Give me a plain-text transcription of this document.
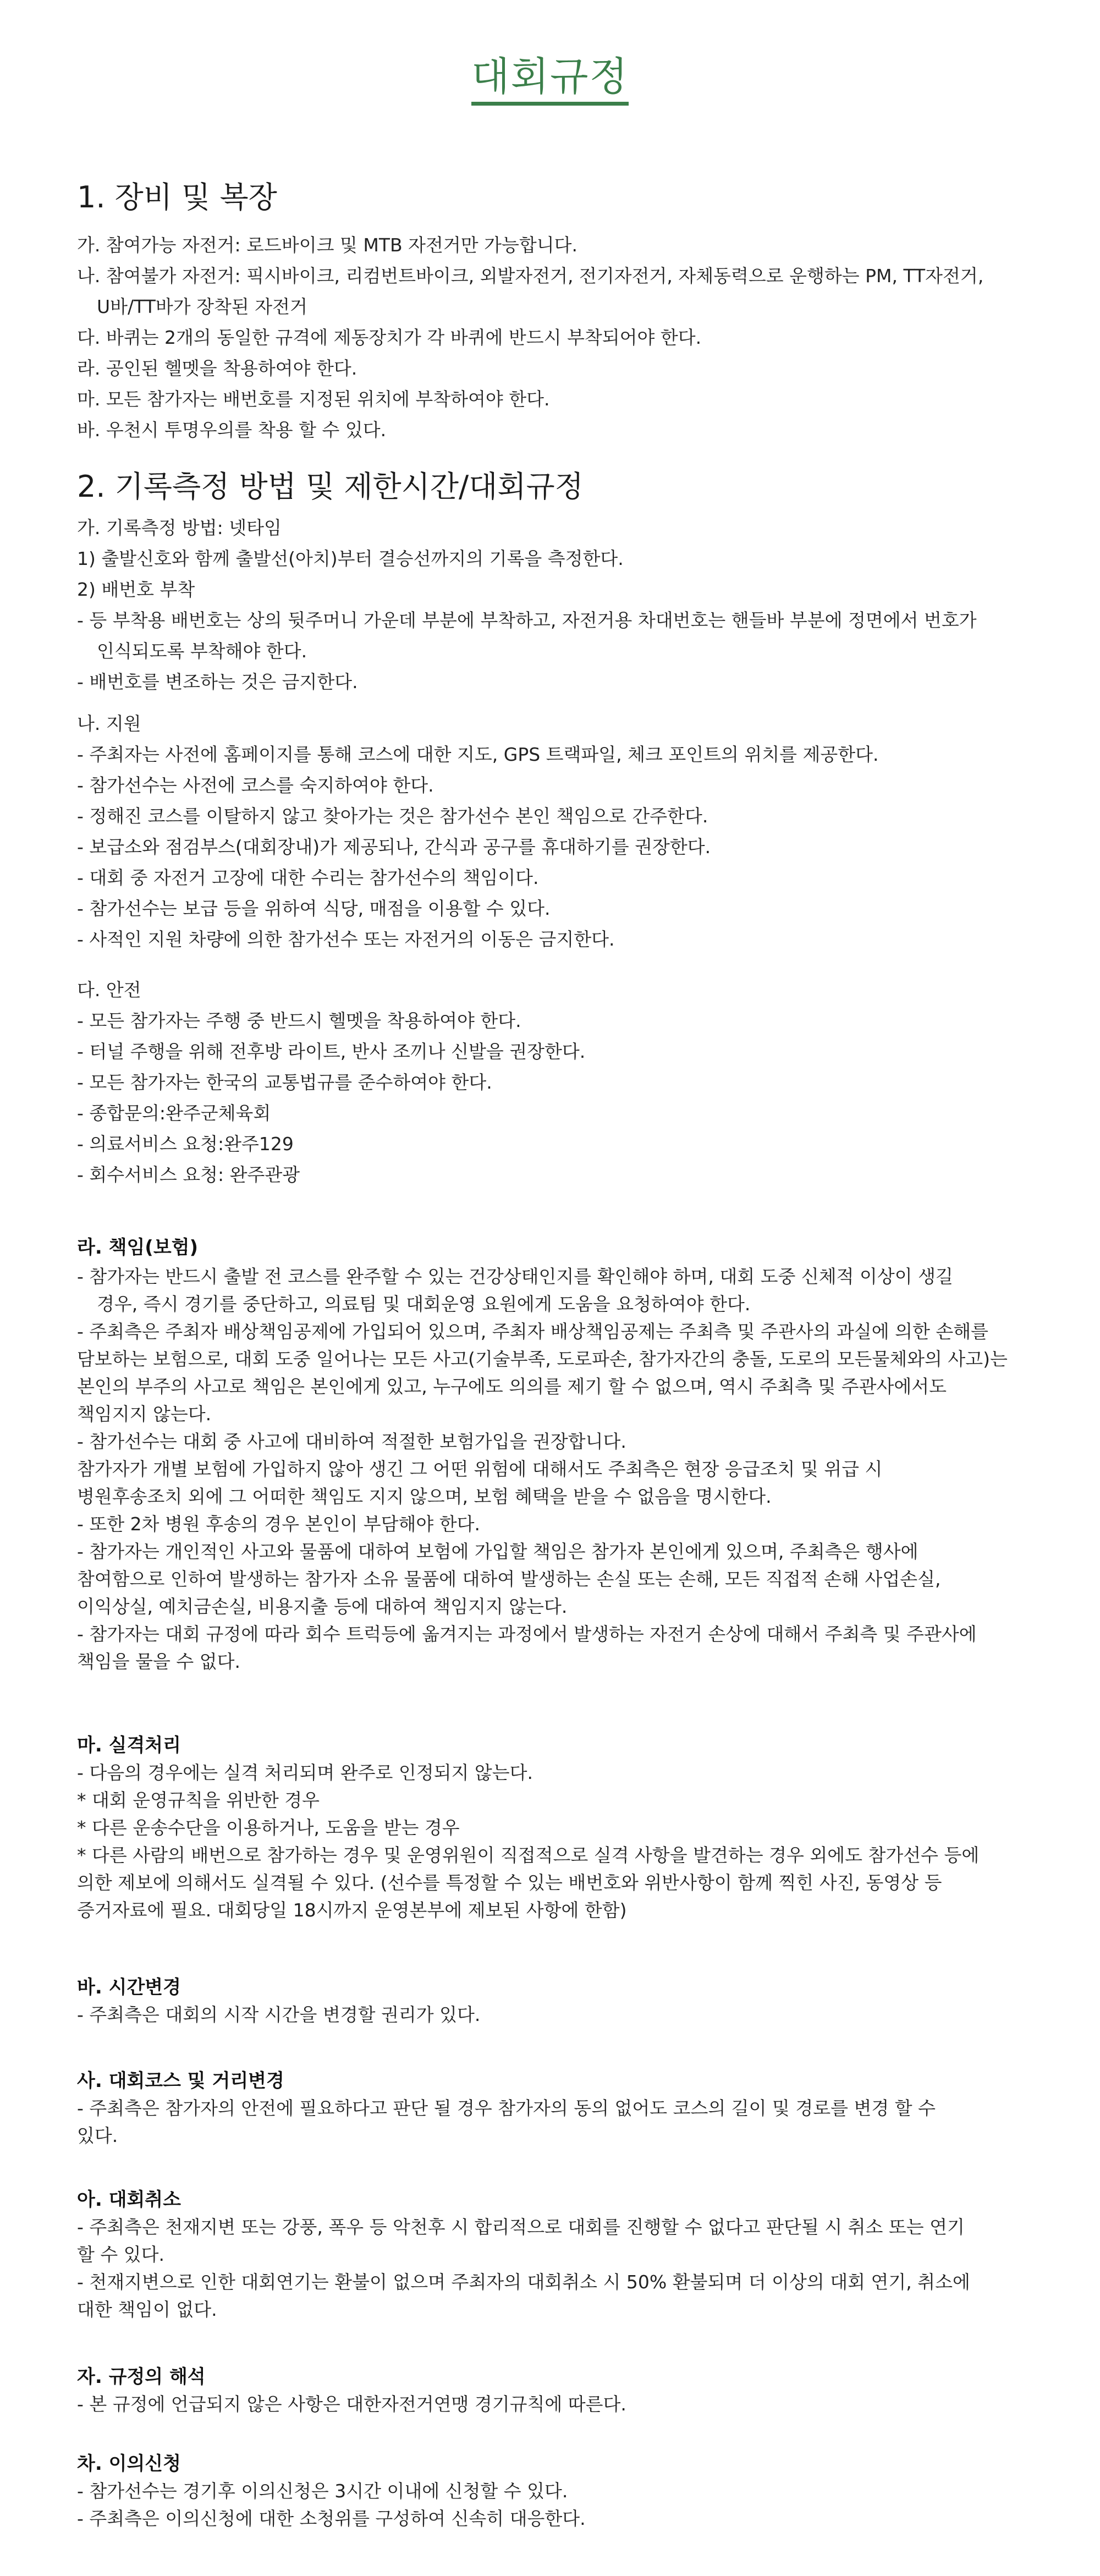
대회규정
1. 장비 및 복장
가. 참여가능 자전거: 로드바이크 및 MTB 자전거만 가능합니다.
나. 참여불가 자전거: 픽시바이크, 리컴번트바이크, 외발자전거, 전기자전거, 자체동력으로 운행하는 PM, TT자전거,
U바/TT바가 장착된 자전거
다. 바퀴는 2개의 동일한 규격에 제동장치가 각 바퀴에 반드시 부착되어야 한다.
라. 공인된 헬멧을 착용하여야 한다.
마. 모든 참가자는 배번호를 지정된 위치에 부착하여야 한다.
바. 우천시 투명우의를 착용 할 수 있다.
2. 기록측정 방법 및 제한시간/대회규정
가. 기록측정 방법: 넷타임
1) 출발신호와 함께 출발선(아치)부터 결승선까지의 기록을 측정한다.
2) 배번호 부착
- 등 부착용 배번호는 상의 뒷주머니 가운데 부분에 부착하고, 자전거용 차대번호는 핸들바 부분에 정면에서 번호가
인식되도록 부착해야 한다.
- 배번호를 변조하는 것은 금지한다.
나. 지원
- 주최자는 사전에 홈페이지를 통해 코스에 대한 지도, GPS 트랙파일, 체크 포인트의 위치를 제공한다.
- 참가선수는 사전에 코스를 숙지하여야 한다.
- 정해진 코스를 이탈하지 않고 찾아가는 것은 참가선수 본인 책임으로 간주한다.
- 보급소와 점검부스(대회장내)가 제공되나, 간식과 공구를 휴대하기를 권장한다.
- 대회 중 자전거 고장에 대한 수리는 참가선수의 책임이다.
- 참가선수는 보급 등을 위하여 식당, 매점을 이용할 수 있다.
- 사적인 지원 차량에 의한 참가선수 또는 자전거의 이동은 금지한다.
다. 안전
- 모든 참가자는 주행 중 반드시 헬멧을 착용하여야 한다.
- 터널 주행을 위해 전후방 라이트, 반사 조끼나 신발을 권장한다.
- 모든 참가자는 한국의 교통법규를 준수하여야 한다.
- 종합문의:완주군체육회
- 의료서비스 요청:완주129
- 회수서비스 요청: 완주관광
라. 책임(보험)
- 참가자는 반드시 출발 전 코스를 완주할 수 있는 건강상태인지를 확인해야 하며, 대회 도중 신체적 이상이 생길
경우, 즉시 경기를 중단하고, 의료팀 및 대회운영 요원에게 도움을 요청하여야 한다.
- 주최측은 주최자 배상책임공제에 가입되어 있으며, 주최자 배상책임공제는 주최측 및 주관사의 과실에 의한 손해를
담보하는 보험으로, 대회 도중 일어나는 모든 사고(기술부족, 도로파손, 참가자간의 충돌, 도로의 모든물체와의 사고)는
본인의 부주의 사고로 책임은 본인에게 있고, 누구에도 의의를 제기 할 수 없으며, 역시 주최측 및 주관사에서도
책임지지 않는다.
- 참가선수는 대회 중 사고에 대비하여 적절한 보험가입을 권장합니다.
참가자가 개별 보험에 가입하지 않아 생긴 그 어떤 위험에 대해서도 주최측은 현장 응급조치 및 위급 시
병원후송조치 외에 그 어떠한 책임도 지지 않으며, 보험 혜택을 받을 수 없음을 명시한다.
- 또한 2차 병원 후송의 경우 본인이 부담해야 한다.
- 참가자는 개인적인 사고와 물품에 대하여 보험에 가입할 책임은 참가자 본인에게 있으며, 주최측은 행사에
참여함으로 인하여 발생하는 참가자 소유 물품에 대하여 발생하는 손실 또는 손해, 모든 직접적 손해 사업손실,
이익상실, 예치금손실, 비용지출 등에 대하여 책임지지 않는다.
- 참가자는 대회 규정에 따라 회수 트럭등에 옮겨지는 과정에서 발생하는 자전거 손상에 대해서 주최측 및 주관사에
책임을 물을 수 없다.
마. 실격처리
- 다음의 경우에는 실격 처리되며 완주로 인정되지 않는다.
* 대회 운영규칙을 위반한 경우
* 다른 운송수단을 이용하거나, 도움을 받는 경우
* 다른 사람의 배번으로 참가하는 경우 및 운영위원이 직접적으로 실격 사항을 발견하는 경우 외에도 참가선수 등에
의한 제보에 의해서도 실격될 수 있다. (선수를 특정할 수 있는 배번호와 위반사항이 함께 찍힌 사진, 동영상 등
증거자료에 필요. 대회당일 18시까지 운영본부에 제보된 사항에 한함)
바. 시간변경
- 주최측은 대회의 시작 시간을 변경할 권리가 있다.
사. 대회코스 및 거리변경
- 주최측은 참가자의 안전에 필요하다고 판단 될 경우 참가자의 동의 없어도 코스의 길이 및 경로를 변경 할 수
있다.
아. 대회취소
- 주최측은 천재지변 또는 강풍, 폭우 등 악천후 시 합리적으로 대회를 진행할 수 없다고 판단될 시 취소 또는 연기
할 수 있다.
- 천재지변으로 인한 대회연기는 환불이 없으며 주최자의 대회취소 시 50% 환불되며 더 이상의 대회 연기, 취소에
대한 책임이 없다.
자. 규정의 해석
- 본 규정에 언급되지 않은 사항은 대한자전거연맹 경기규칙에 따른다.
차. 이의신청
- 참가선수는 경기후 이의신청은 3시간 이내에 신청할 수 있다.
- 주최측은 이의신청에 대한 소청위를 구성하여 신속히 대응한다.
